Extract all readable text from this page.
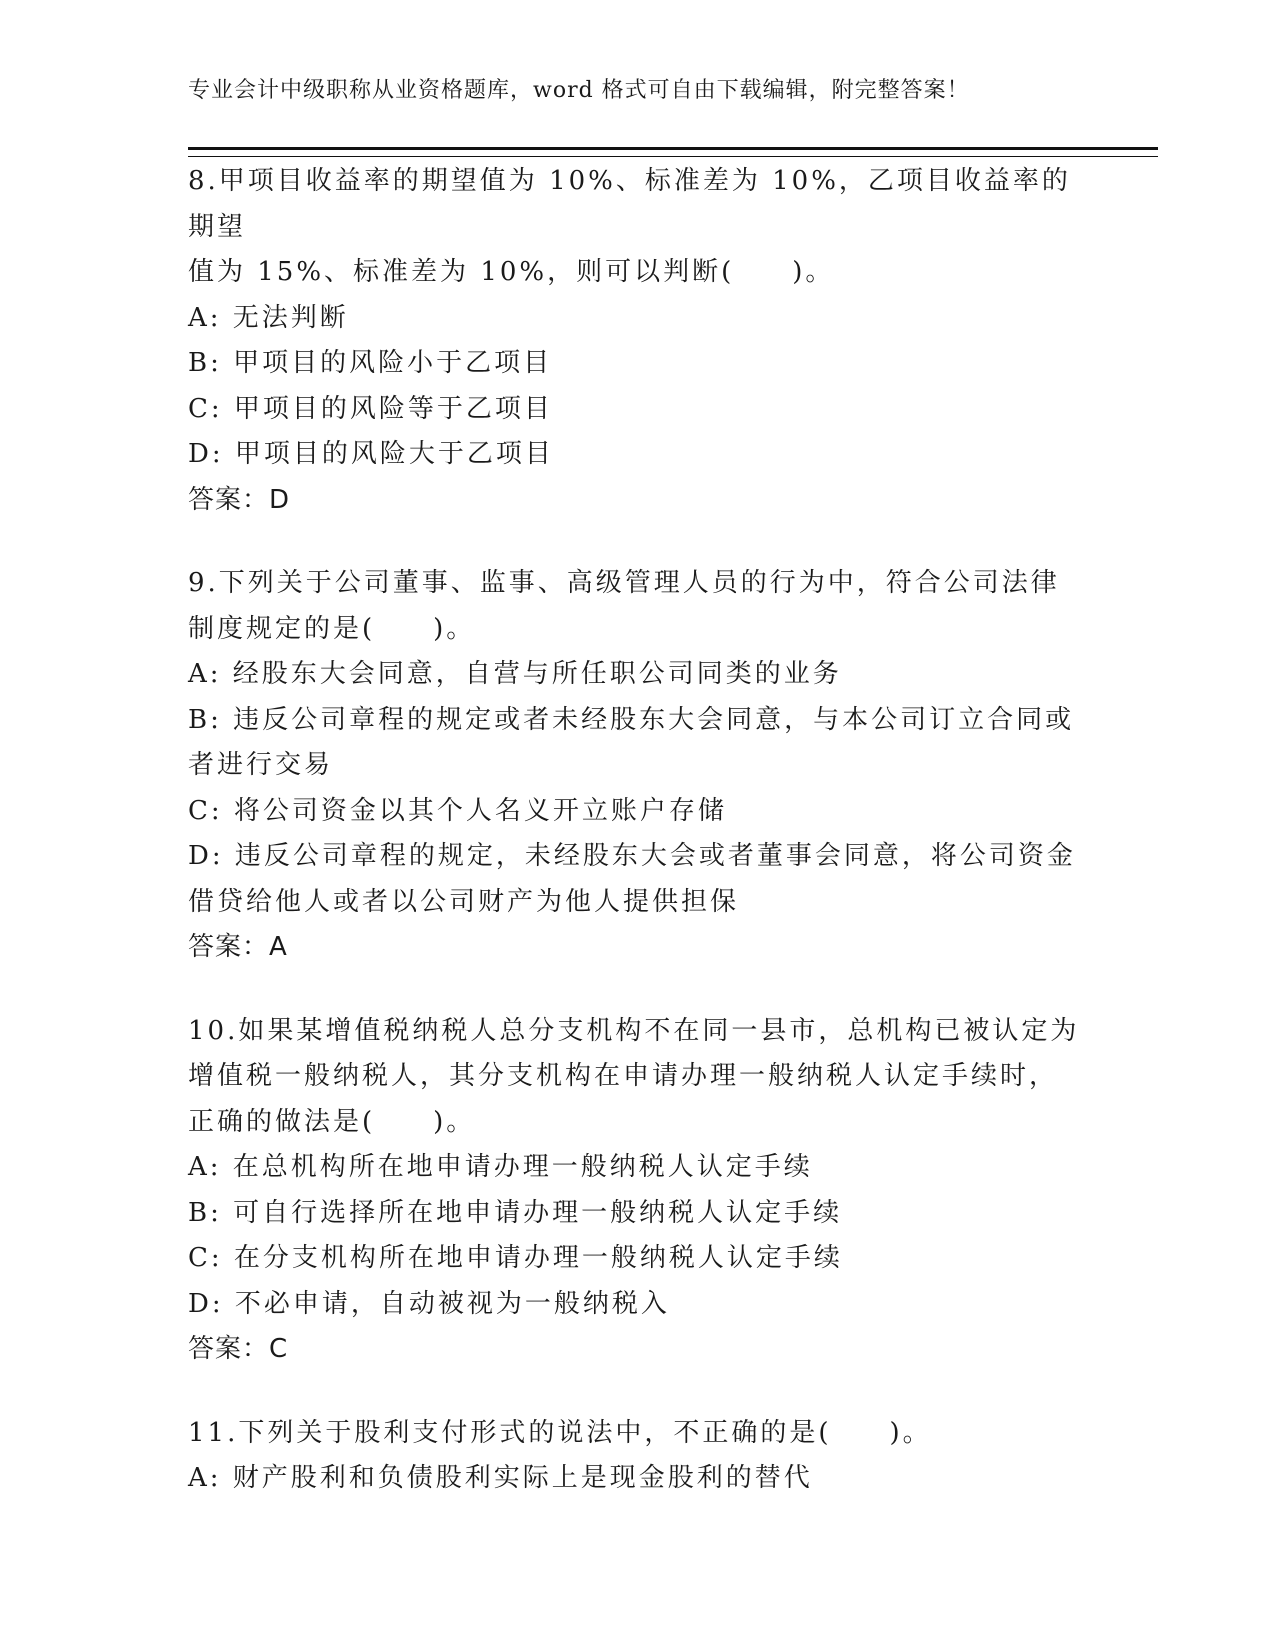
专业会计中级职称从业资格题库，word 格式可自由下载编辑，附完整答案！
8.甲项目收益率的期望值为 10%、标准差为 10%，乙项目收益率的期望
值为 15%、标准差为 10%，则可以判断(　　)。
A: 无法判断
B: 甲项目的风险小于乙项目
C: 甲项目的风险等于乙项目
D: 甲项目的风险大于乙项目
答案：D
9.下列关于公司董事、监事、高级管理人员的行为中，符合公司法律
制度规定的是(　　)。
A: 经股东大会同意，自营与所任职公司同类的业务
B: 违反公司章程的规定或者未经股东大会同意，与本公司订立合同或
者进行交易
C: 将公司资金以其个人名义开立账户存储
D: 违反公司章程的规定，未经股东大会或者董事会同意，将公司资金
借贷给他人或者以公司财产为他人提供担保
答案：A
10.如果某增值税纳税人总分支机构不在同一县市，总机构已被认定为
增值税一般纳税人，其分支机构在申请办理一般纳税人认定手续时，
正确的做法是(　　)。
A: 在总机构所在地申请办理一般纳税人认定手续
B: 可自行选择所在地申请办理一般纳税人认定手续
C: 在分支机构所在地申请办理一般纳税人认定手续
D: 不必申请，自动被视为一般纳税入
答案：C
11.下列关于股利支付形式的说法中，不正确的是(　　)。
A: 财产股利和负债股利实际上是现金股利的替代
